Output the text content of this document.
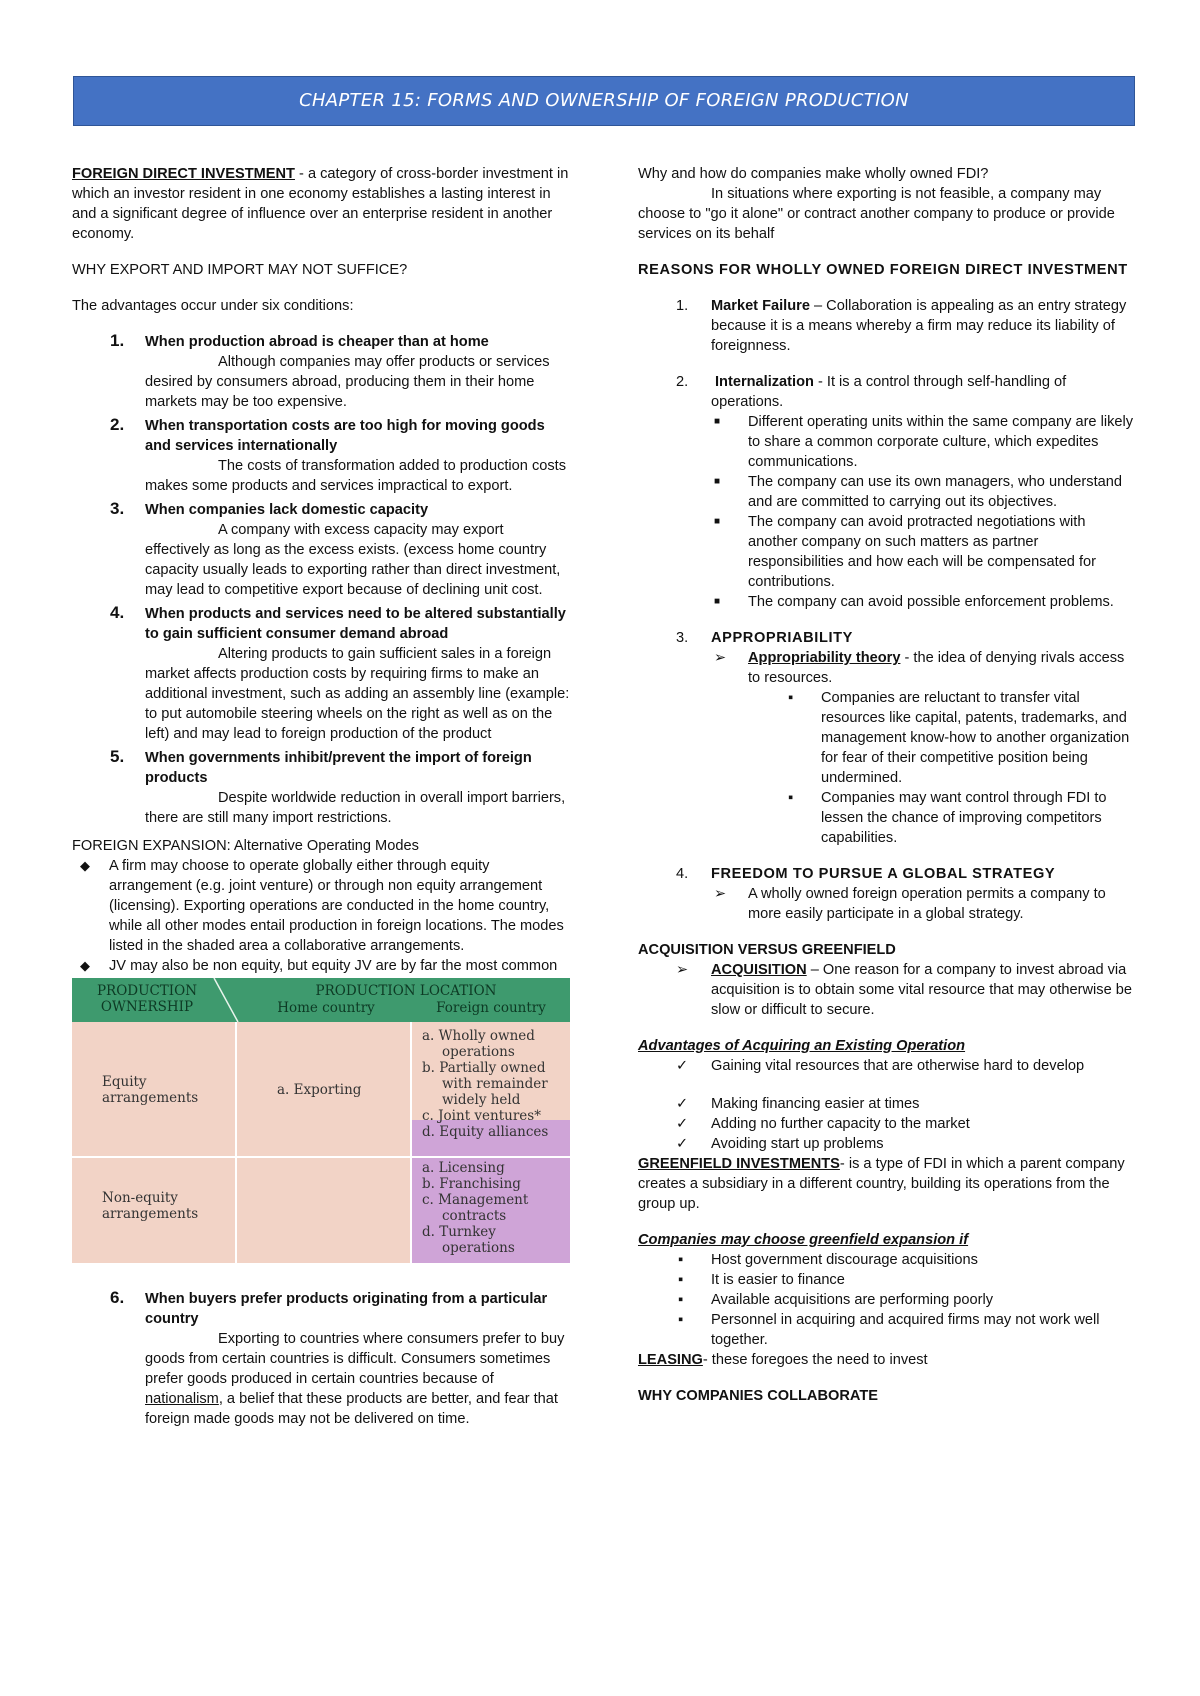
CHAPTER 15: FORMS AND OWNERSHIP OF FOREIGN PRODUCTION

FOREIGN DIRECT INVESTMENT - a category of cross-border investment in which an investor resident in one economy establishes a lasting interest in and a significant degree of influence over an enterprise resident in another economy.

WHY EXPORT AND IMPORT MAY NOT SUFFICE?

The advantages occur under six conditions:

1. When production abroad is cheaper than at home

Although companies may offer products or services desired by consumers abroad, producing them in their home markets may be too expensive.

2. When transportation costs are too high for moving goods and services internationally

The costs of transformation added to production costs makes some products and services impractical to export.

3. When companies lack domestic capacity

A company with excess capacity may export effectively as long as the excess exists. (excess home country capacity usually leads to exporting rather than direct investment, may lead to competitive export because of declining unit cost.

4. When products and services need to be altered substantially to gain sufficient consumer demand abroad

Altering products to gain sufficient sales in a foreign market affects production costs by requiring firms to make an additional investment, such as adding an assembly line (example: to put automobile steering wheels on the right as well as on the left) and may lead to foreign production of the product

5. When governments inhibit/prevent the import of foreign products

Despite worldwide reduction in overall import barriers, there are still many import restrictions.

FOREIGN EXPANSION: Alternative Operating Modes

◆ A firm may choose to operate globally either through equity arrangement (e.g. joint venture) or through non equity arrangement (licensing). Exporting operations are conducted in the home country, while all other modes entail production in foreign locations. The modes listed in the shaded area a collaborative arrangements.
◆ JV may also be non equity, but equity JV are by far the most common
PRODUCTION
OWNERSHIP
PRODUCTION LOCATION
Home country	Foreign country
Equity
arrangements	a. Exporting
a. Wholly owned
operations
b. Partially owned
with remainder
widely held
c. Joint ventures*
d. Equity alliances
Non-equity
arrangements
a. Licensing
b. Franchising
c. Management
contracts
d. Turnkey
operations
6. When buyers prefer products originating from a particular country

Exporting to countries where consumers prefer to buy goods from certain countries is difficult. Consumers sometimes prefer goods produced in certain countries because of nationalism, a belief that these products are better, and fear that foreign made goods may not be delivered on time.

Why and how do companies make wholly owned FDI?

In situations where exporting is not feasible, a company may choose to "go it alone" or contract another company to produce or provide services on its behalf

REASONS FOR WHOLLY OWNED FOREIGN DIRECT INVESTMENT

1. Market Failure – Collaboration is appealing as an entry strategy because it is a means whereby a firm may reduce its liability of foreignness.
2. Internalization - It is a control through self-handling of operations.
■ Different operating units within the same company are likely to share a common corporate culture, which expedites communications.
■ The company can use its own managers, who understand and are committed to carrying out its objectives.
■ The company can avoid protracted negotiations with another company on such matters as partner responsibilities and how each will be compensated for contributions.
■ The company can avoid possible enforcement problems.
3. APPROPRIABILITY
➢ Appropriability theory - the idea of denying rivals access to resources.
▪ Companies are reluctant to transfer vital resources like capital, patents, trademarks, and management know-how to another organization for fear of their competitive position being undermined.
▪ Companies may want control through FDI to lessen the chance of improving competitors capabilities.
4. FREEDOM TO PURSUE A GLOBAL STRATEGY
➢ A wholly owned foreign operation permits a company to more easily participate in a global strategy.

ACQUISITION VERSUS GREENFIELD

➢ ACQUISITION – One reason for a company to invest abroad via acquisition is to obtain some vital resource that may otherwise be slow or difficult to secure.

Advantages of Acquiring an Existing Operation

✓ Gaining vital resources that are otherwise hard to develop
✓ Making financing easier at times
✓ Adding no further capacity to the market
✓ Avoiding start up problems

GREENFIELD INVESTMENTS- is a type of FDI in which a parent company creates a subsidiary in a different country, building its operations from the group up.

Companies may choose greenfield expansion if

▪ Host government discourage acquisitions
▪ It is easier to finance
▪ Available acquisitions are performing poorly
▪ Personnel in acquiring and acquired firms may not work well together.

LEASING- these foregoes the need to invest

WHY COMPANIES COLLABORATE
